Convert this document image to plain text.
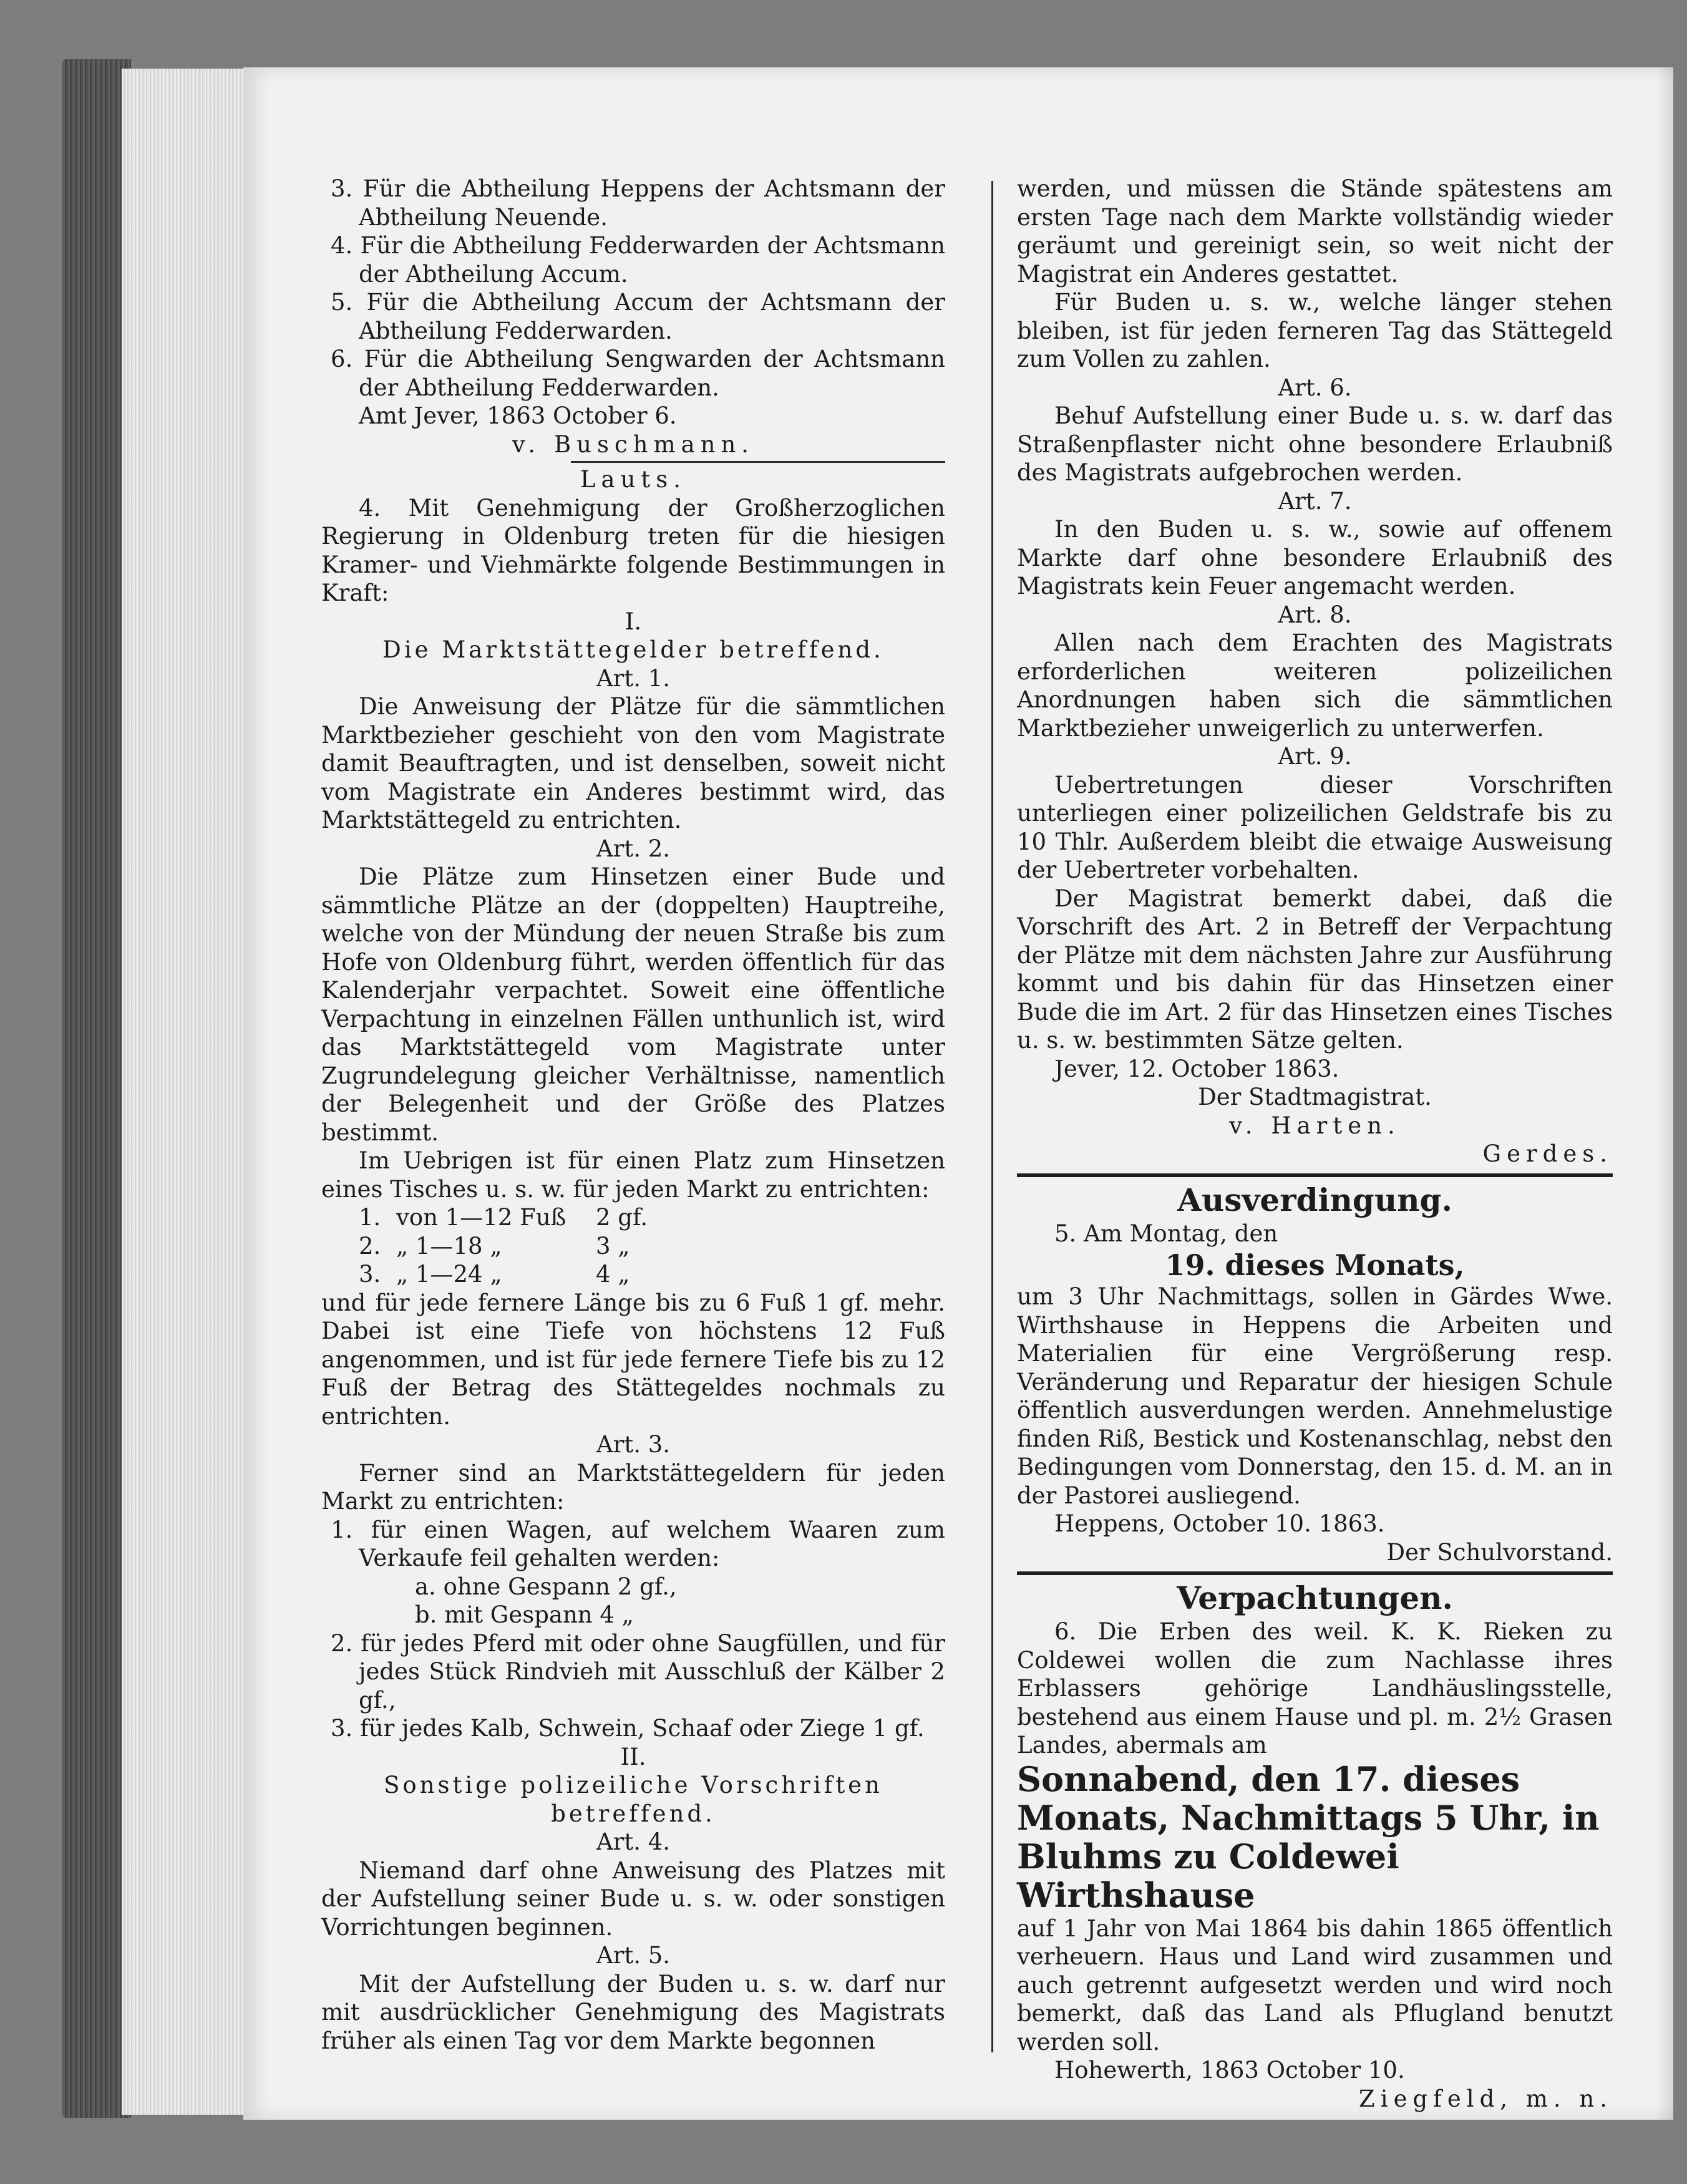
3. Für die Abtheilung Heppens der Achtsmann der Abtheilung Neuende.

4. Für die Abtheilung Fedderwarden der Achtsmann der Abtheilung Accum.

5. Für die Abtheilung Accum der Achtsmann der Abtheilung Fedderwarden.

6. Für die Abtheilung Sengwarden der Achtsmann der Abtheilung Fedderwarden.

Amt Jever, 1863 October 6.

v. Buschmann.

Lauts.

4. Mit Genehmigung der Großherzoglichen Regierung in Oldenburg treten für die hiesigen Kramer- und Viehmärkte folgende Bestimmungen in Kraft:

I.

Die Marktstättegelder betreffend.

Art. 1.

Die Anweisung der Plätze für die sämmtlichen Marktbezieher geschieht von den vom Magistrate damit Beauftragten, und ist denselben, soweit nicht vom Magistrate ein Anderes bestimmt wird, das Marktstättegeld zu entrichten.

Art. 2.

Die Plätze zum Hinsetzen einer Bude und sämmtliche Plätze an der (doppelten) Hauptreihe, welche von der Mündung der neuen Straße bis zum Hofe von Oldenburg führt, werden öffentlich für das Kalenderjahr verpachtet. Soweit eine öffentliche Verpachtung in einzelnen Fällen unthunlich ist, wird das Marktstättegeld vom Magistrate unter Zugrundelegung gleicher Verhältnisse, namentlich der Belegenheit und der Größe des Platzes bestimmt.

Im Uebrigen ist für einen Platz zum Hinsetzen eines Tisches u. s. w. für jeden Markt zu entrichten:

1. von 1—12 Fuß	2 gf.
2. „ 1—18 „	3 „
3. „ 1—24 „	4 „

und für jede fernere Länge bis zu 6 Fuß 1 gf. mehr. Dabei ist eine Tiefe von höchstens 12 Fuß angenommen, und ist für jede fernere Tiefe bis zu 12 Fuß der Betrag des Stättegeldes nochmals zu entrichten.

Art. 3.

Ferner sind an Marktstättegeldern für jeden Markt zu entrichten:

1. für einen Wagen, auf welchem Waaren zum Verkaufe feil gehalten werden:

a. ohne Gespann 2 gf.,

b. mit Gespann 4 „

2. für jedes Pferd mit oder ohne Saugfüllen, und für jedes Stück Rindvieh mit Ausschluß der Kälber 2 gf.,

3. für jedes Kalb, Schwein, Schaaf oder Ziege 1 gf.

II.

Sonstige polizeiliche Vorschriften betreffend.

Art. 4.

Niemand darf ohne Anweisung des Platzes mit der Aufstellung seiner Bude u. s. w. oder sonstigen Vorrichtungen beginnen.

Art. 5.

Mit der Aufstellung der Buden u. s. w. darf nur mit ausdrücklicher Genehmigung des Magistrats früher als einen Tag vor dem Markte begonnen

werden, und müssen die Stände spätestens am ersten Tage nach dem Markte vollständig wieder geräumt und gereinigt sein, so weit nicht der Magistrat ein Anderes gestattet.

Für Buden u. s. w., welche länger stehen bleiben, ist für jeden ferneren Tag das Stättegeld zum Vollen zu zahlen.

Art. 6.

Behuf Aufstellung einer Bude u. s. w. darf das Straßenpflaster nicht ohne besondere Erlaubniß des Magistrats aufgebrochen werden.

Art. 7.

In den Buden u. s. w., sowie auf offenem Markte darf ohne besondere Erlaubniß des Magistrats kein Feuer angemacht werden.

Art. 8.

Allen nach dem Erachten des Magistrats erforderlichen weiteren polizeilichen Anordnungen haben sich die sämmtlichen Marktbezieher unweigerlich zu unterwerfen.

Art. 9.

Uebertretungen dieser Vorschriften unterliegen einer polizeilichen Geldstrafe bis zu 10 Thlr. Außerdem bleibt die etwaige Ausweisung der Uebertreter vorbehalten.

Der Magistrat bemerkt dabei, daß die Vorschrift des Art. 2 in Betreff der Verpachtung der Plätze mit dem nächsten Jahre zur Ausführung kommt und bis dahin für das Hinsetzen einer Bude die im Art. 2 für das Hinsetzen eines Tisches u. s. w. bestimmten Sätze gelten.

Jever, 12. October 1863.

Der Stadtmagistrat.

v. Harten.

Gerdes.

Ausverdingung.

5. Am Montag, den

19. dieses Monats,

um 3 Uhr Nachmittags, sollen in Gärdes Wwe. Wirthshause in Heppens die Arbeiten und Materialien für eine Vergrößerung resp. Veränderung und Reparatur der hiesigen Schule öffentlich ausverdungen werden. Annehmelustige finden Riß, Bestick und Kostenanschlag, nebst den Bedingungen vom Donnerstag, den 15. d. M. an in der Pastorei ausliegend.

Heppens, October 10. 1863.

Der Schulvorstand.

Verpachtungen.

6. Die Erben des weil. K. K. Rieken zu Coldewei wollen die zum Nachlasse ihres Erblassers gehörige Landhäuslingsstelle, bestehend aus einem Hause und pl. m. 2½ Grasen Landes, abermals am

Sonnabend, den 17. dieses Monats, Nachmittags 5 Uhr, in

Bluhms zu Coldewei Wirthshause

auf 1 Jahr von Mai 1864 bis dahin 1865 öffentlich verheuern. Haus und Land wird zusammen und auch getrennt aufgesetzt werden und wird noch bemerkt, daß das Land als Pflugland benutzt werden soll.

Hohewerth, 1863 October 10.

Ziegfeld, m. n.
